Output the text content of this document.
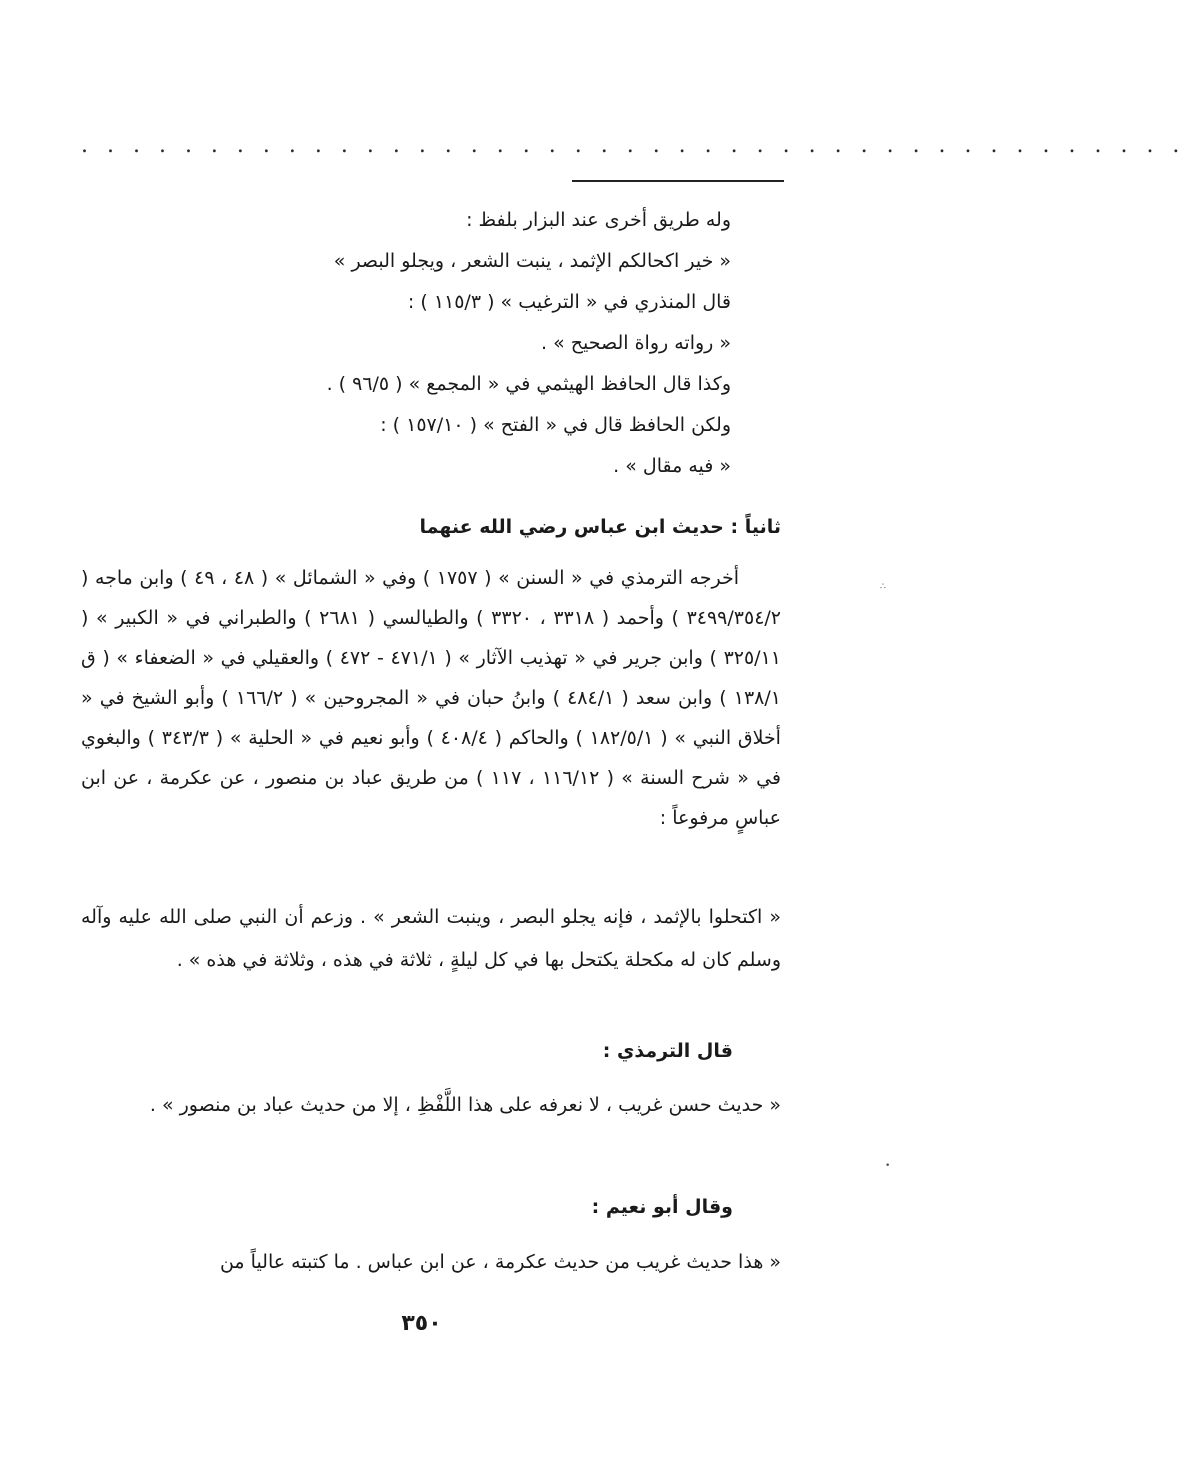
. . . . . . . . . . . . . . . . . . . . . . . . . . . . . . . . . . . . . . . . . . .
وله طريق أخرى عند البزار بلفظ :
« خير اكحالكم الإثمد ، ينبت الشعر ، ويجلو البصر »
قال المنذري في « الترغيب » ( ١١٥/٣ ) :
« رواته رواة الصحيح » .
وكذا قال الحافظ الهيثمي في « المجمع » ( ٩٦/٥ ) .
ولكن الحافظ قال في « الفتح » ( ١٥٧/١٠ ) :
« فيه مقال » .
ثانياً : حديث ابن عباس رضي الله عنهما

أخرجه الترمذي في « السنن » ( ١٧٥٧ ) وفي « الشمائل » ( ٤٨ ، ٤٩ ) وابن ماجه ( ٣٤٩٩/٣٥٤/٢ ) وأحمد ( ٣٣١٨ ، ٣٣٢٠ ) والطيالسي ( ٢٦٨١ ) والطبراني في « الكبير » ( ٣٢٥/١١ ) وابن جرير في « تهذيب الآثار » ( ٤٧١/١ - ٤٧٢ ) والعقيلي في « الضعفاء » ( ق ١٣٨/١ ) وابن سعد ( ٤٨٤/١ ) وابنُ حبان في « المجروحين » ( ١٦٦/٢ ) وأبو الشيخ في « أخلاق النبي » ( ١٨٢/٥/١ ) والحاكم ( ٤٠٨/٤ ) وأبو نعيم في « الحلية » ( ٣٤٣/٣ ) والبغوي في « شرح السنة » ( ١١٦/١٢ ، ١١٧ ) من طريق عباد بن منصور ، عن عكرمة ، عن ابن عباسٍ مرفوعاً :

« اكتحلوا بالإثمد ، فإنه يجلو البصر ، وينبت الشعر » . وزعم أن النبي صلى الله عليه وآله وسلم كان له مكحلة يكتحل بها في كل ليلةٍ ، ثلاثة في هذه ، وثلاثة في هذه » .

قال الترمذي :

« حديث حسن غريب ، لا نعرفه على هذا اللَّفْظِ ، إلا من حديث عباد بن منصور » .

وقال أبو نعيم :

« هذا حديث غريب من حديث عكرمة ، عن ابن عباس . ما كتبته عالياً من

٣٥٠
∴
•
